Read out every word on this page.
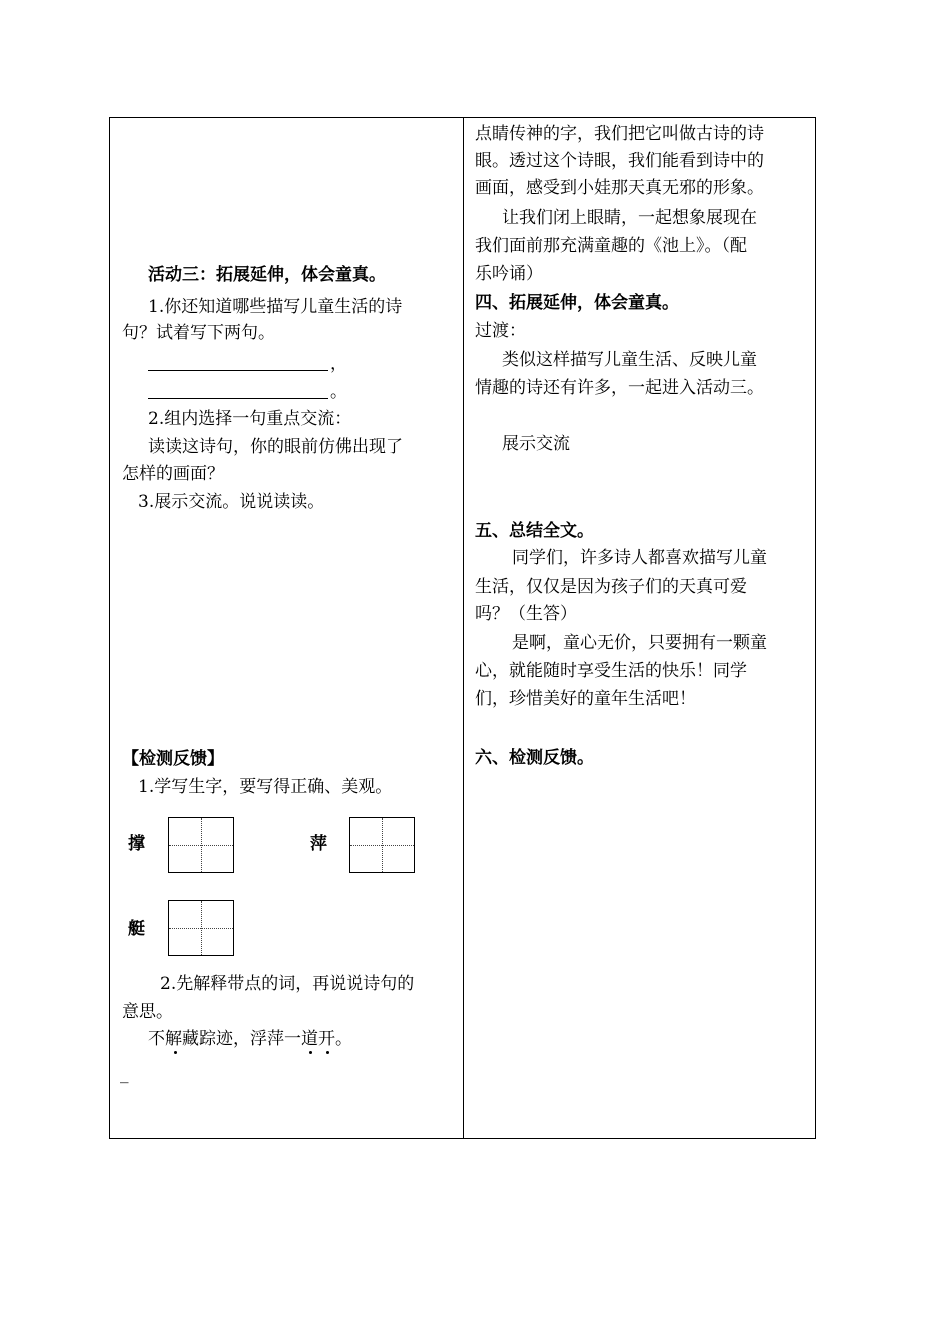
活动三：拓展延伸，体会童真。
1.你还知道哪些描写儿童生活的诗
句？试着写下两句。
，
。
2.组内选择一句重点交流：
读读这诗句，你的眼前仿佛出现了
怎样的画面？
3.展示交流。说说读读。
【检测反馈】
1.学写生字，要写得正确、美观。
撑	萍
艇
2.先解释带点的词，再说说诗句的
意思。
不解藏踪迹，浮萍一道开。
_
点睛传神的字，我们把它叫做古诗的诗
眼。透过这个诗眼，我们能看到诗中的
画面，感受到小娃那天真无邪的形象。
让我们闭上眼睛，一起想象展现在
我们面前那充满童趣的《池上》。（配
乐吟诵）
四、拓展延伸，体会童真。
过渡：
类似这样描写儿童生活、反映儿童
情趣的诗还有许多，一起进入活动三。
展示交流
五、总结全文。
同学们，许多诗人都喜欢描写儿童
生活，仅仅是因为孩子们的天真可爱
吗？（生答）
是啊，童心无价，只要拥有一颗童
心，就能随时享受生活的快乐！同学
们，珍惜美好的童年生活吧！
六、检测反馈。
